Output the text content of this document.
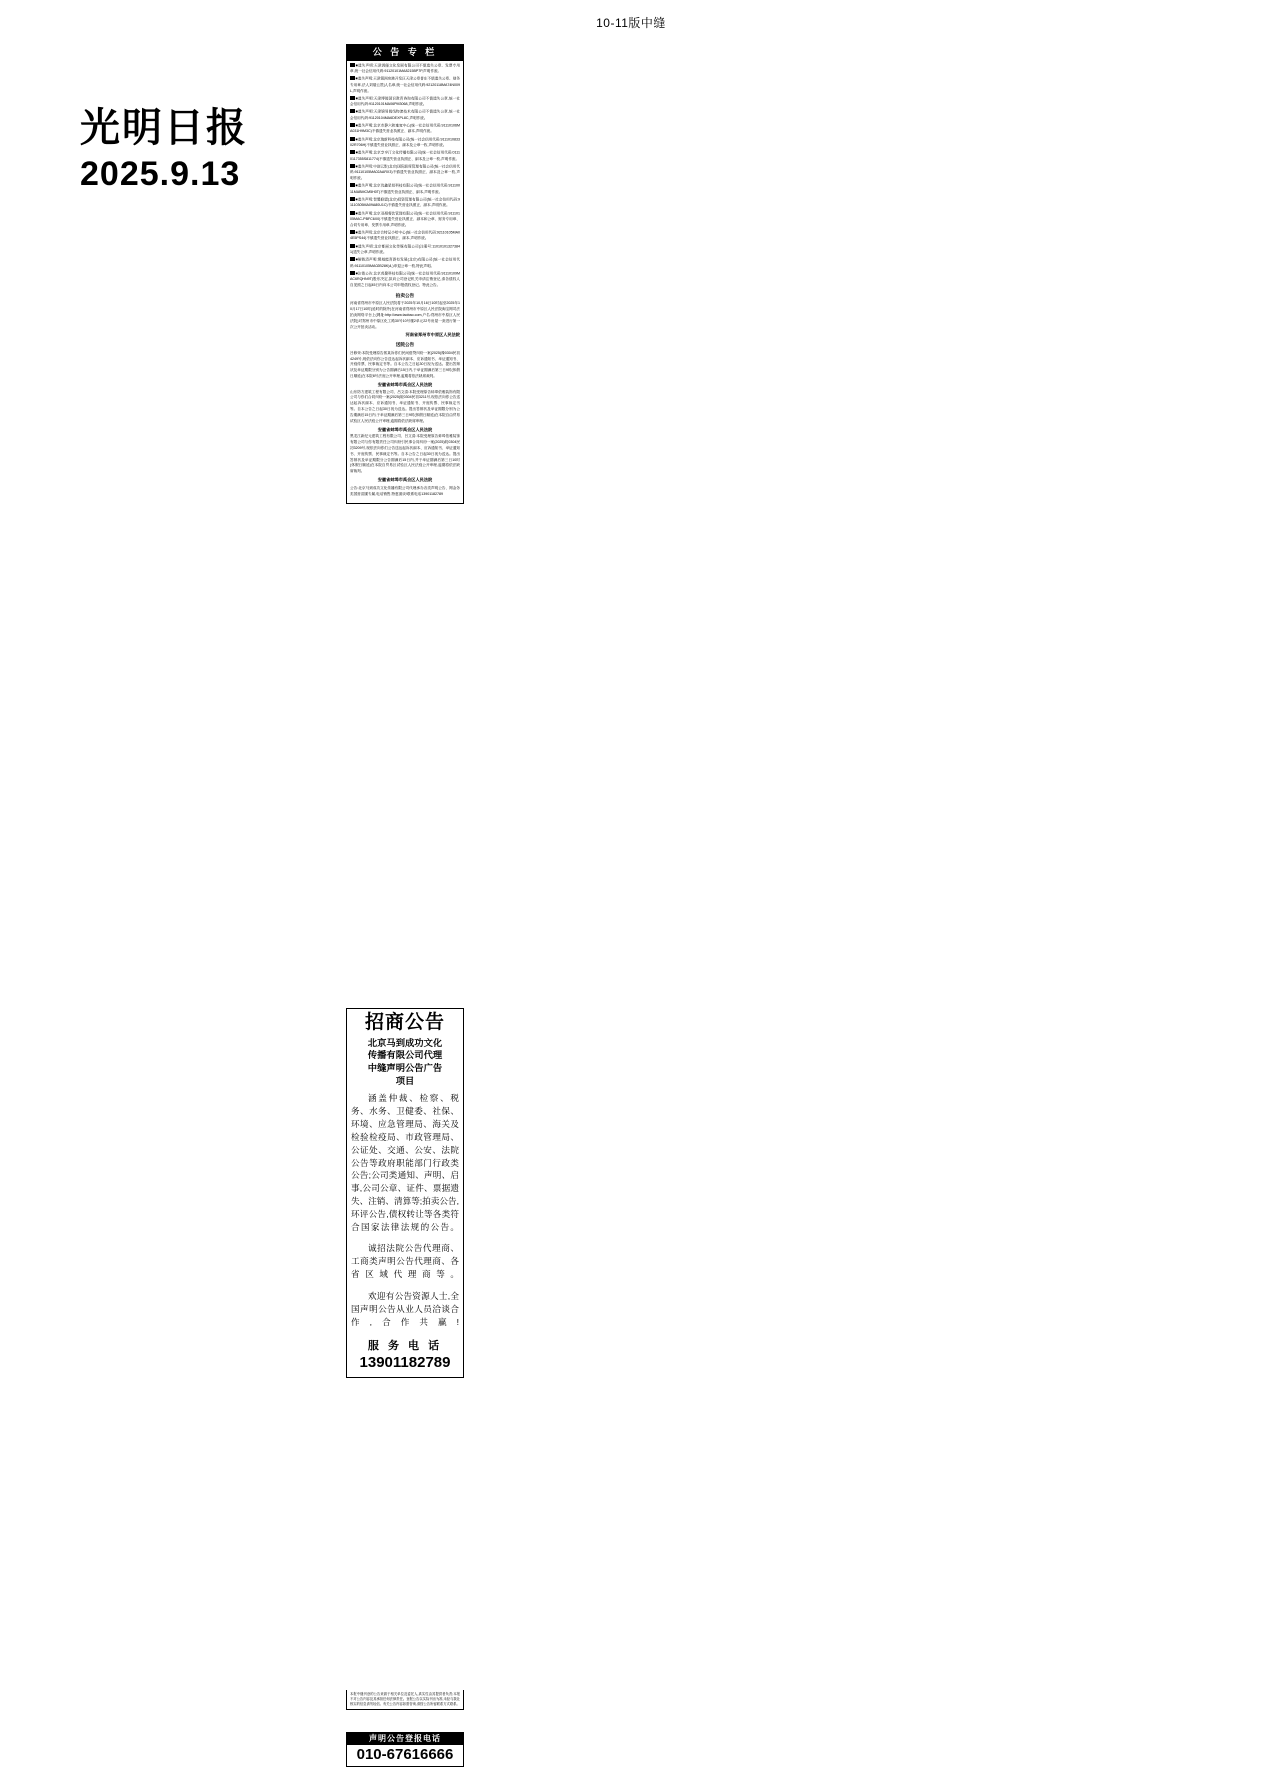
10-11版中缝
光明日报
2025.9.13
公 告 专 栏

■遗失声明:天津鸿俪文化发展有限公司不慎遗失公章、发票专用章,统一社会信用代码:91120101MA8215BP7P,声明作废。

■遗失声明:天津银洲房港开发区天津公章普庄不慎遗失公章、财务专用章,法人刘瑞云景]人名章,统一社会信用代码:92120118MA74N009L,声明作废。

■遗失声明:天津博阅国识教育咨询有限公司不慎遗失公章,统一社会信用代码:91120101MA06PM3068,声明作废。

■遗失声明:天津锦易阅线物流技术有限公司不慎遗失公章,统一社会信用代码:91120104MA6DEXPL8C,声明作废。

■遗失声明:北京市静六和寓宽中心(统一社会信用代码:91110106MA031H9M3C)不慎遗失营业执照正、副本,声明作废。

■遗失声明:北京瑞新科技有限公司(统一社会信用代码:911101083302R706H)不慎遗失营业执照正、副本及公章一枚,声明作废。

■遗失声明:北京享亨汀文化传播有限公司(统一社会信用代码:01110117355S811774)不慎遗失营业执照正、副本及公章一枚,声明作废。

■遗失声明:中创云影)北京)国际联席管理有限公司(统一社会信用代码:91110105MA02AARX3)不慎遗失营业执照正、副本及公章一枚,声明作废。

■遗失声明:北京优鑫星铝科技有限公司(统一社会信用代码:91110011MABMCM5H0T)不慎遗失营业执照正、副本,声明作废。

■遗失声明:智馨联盟(北京)投资管理有限公司(统一社会信用代码:91110305MA09A80U1C)不慎遗失营业执照正、副本,声明作废。

■遗失声明:北京羽凝餐饮管理有限公司(统一社会信用代码:91110105MAC-PBFC6X0)不慎遗失营业执照正、副本和公章、财务专用章、合同专用章、发票专用章,声明作废。

■遗失声明:北京合特记小哈中心(统一社会信用代码:92110105MA04E5PS44)不慎遗失营业执照正、副本,声明作废。

■遗失声明:北京都丽文化传媒有限公司(注册号:110101013273841)遗失公章,声明作废。

■解散清声明:锡域能育游有发展(北京)有限公司(统一社会信用代码:91110105MA02B28K)4,)申退公章一枚,特此声明。

■注销公告:北京虎聚科技有限公司(统一社会信用代码:91110109MAC6RQHN9T)股东决定,拟向公司登记机关申请注销登记,请各债权人自见照之日起45日内向本公司申报债权登记。特此公告。

拍卖公告

河南省郑州市中原区人民法院将于2025年10月16日10时起至2025年10月17日10时(延时的除外)在河南省郑州市中原区人民法院淘宝网司法拍卖网络平台上(网址:http://www.taobao.com,户名:郑州市中原区人民法院)对郑州市中原区化工路30号10号楼2单元22号房屋一套进行第一次公开拍卖活动。

河南省郑州市中原区人民法院
送院公告

吕修荣:本院受理原告郭某诉你们民间借贷纠纷一案(2025)豫0304民初4249号,现依法向你公告送达起诉状副本、应诉通知书、举证通知书、开庭传票、民事裁定书等。自本公告之日起30日视为送达。提出答辩状及举证期限分别为公告期满后15日内,于举证期满后第三日9时(休假日顺延)在本院8号法庭公开审理,逾期将依法缺席裁判。

安徽省蚌埠市禹会区人民法院

山东防方建筑工程有限公司、吕文清:本院受理原告蚌埠依雅装饰有限公司与你们合同纠纷一案(2025)皖0304民初3211号,现依法向你公告送达起诉状副本、应诉通知书、举证通知书、开庭传票、民事裁定书等。自本公告之日起30日视为送达。提出答辩状及举证期限分别为公告期满后15日内,于举证期满后第三日9时(休假日顺延)在本院自由贸易试验区人民法庭公开审理,逾期将依法缺席审理。

安徽省蚌埠市禹会区人民法院

黑龙江新纪元建筑工程有限公司、吕文清:本院受理原告蚌埠依雅装饰有限公司与你有限责任公司纠纷引民事合同纠纷一案(2025)皖0304民初3209号,现依法向你们公告送达起诉状副本、应诉通知书、举证通知书、开庭传票、民事裁定书等。自本公告之日起30日视为送达。提出答辩状及举证期限分公告期满后15日内,并于举证期满后第三日10时(休假日顺延)在本院自贸易区试验区人民法庭公开审理,逾期将依法缺席裁判。

安徽省蚌埠市禹会区人民法院

公告:北京马到成功文化传播有限公司代理承办各类声明公告、网金务类国营苗圃专属,电话销售,特惠面谈!联系电话13901182789

招商公告
北京马到成功文化
传播有限公司代理
中缝声明公告广告
项目

涵盖仲裁、检察、税务、水务、卫健委、社保、环境、应急管理局、海关及检验检疫局、市政管理局、公证处、交通、公安、法院公告等政府职能部门行政类公告;公司类通知、声明、启事,公司公章、证件、票据遗失、注销、清算等;拍卖公告,环评公告,债权转让等各类符合国家法律法规的公告。

诚招法院公告代理商、工商类声明公告代理商、各省区域代理商等。

欢迎有公告资源人士,全国声明公告从业人员洽谈合作,合作共赢!

服 务 电 话
13901182789
本报中缝刊登的公告来源于相关单位及委托人,真实性由其提供者负责;本报不对公告内容及其承担任何法律责任。登报公告以实际刊出为准,未经与我社核实的信息请勿轻信。有关公告内容如需咨询,请按公告所留联系方式联系。
声明公告登报电话
010-67616666
